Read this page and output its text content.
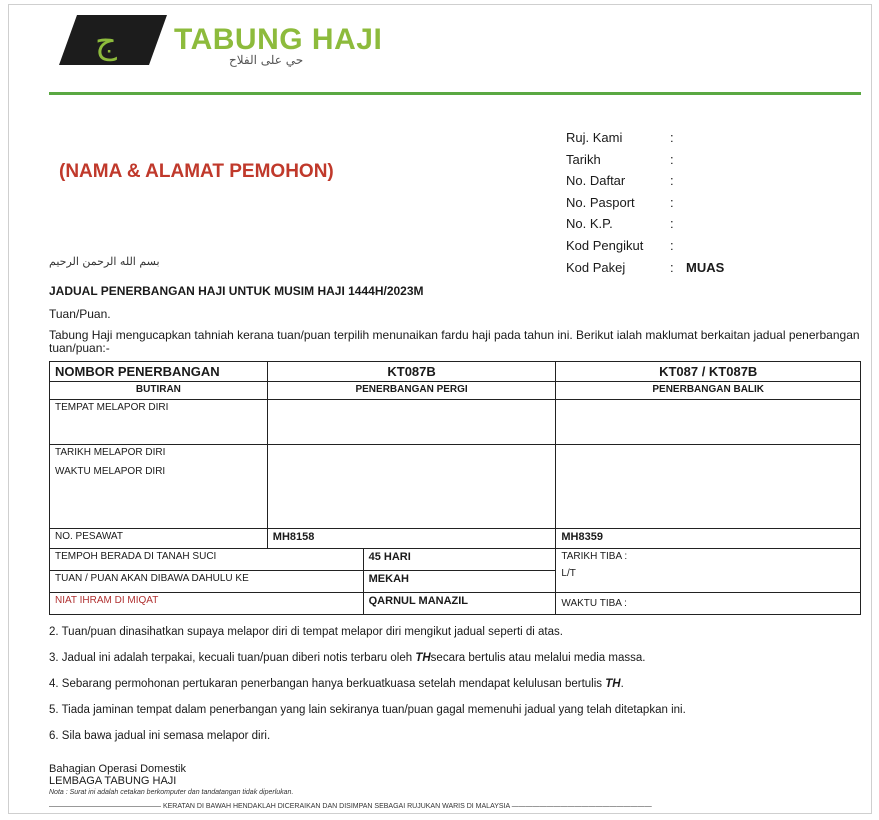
ج TABUNG HAJI
حي على الفلاح
(NAMA & ALAMAT PEMOHON)
Ruj. Kami	:
Tarikh	:
No. Daftar	:
No. Pasport	:
No. K.P.	:
Kod Pengikut	:
Kod Pakej	: MUAS
بسم الله الرحمن الرحيم
JADUAL PENERBANGAN HAJI UNTUK MUSIM HAJI 1444H/2023M
Tuan/Puan.
Tabung Haji mengucapkan tahniah kerana tuan/puan terpilih menunaikan fardu haji pada tahun ini. Berikut ialah maklumat berkaitan jadual penerbangan tuan/puan:-
NOMBOR PENERBANGAN	KT087B		KT087 / KT087B
BUTIRAN	PENERBANGAN PERGI		PENERBANGAN BALIK
TEMPAT MELAPOR DIRI			

TARIKH MELAPOR DIRI
WAKTU MELAPOR DIRI			

NO. PESAWAT	MH8158		MH8359
TEMPOH BERADA DI TANAH SUCI		45 HARI	TARIKH TIBA :
L/T

TUAN / PUAN AKAN DIBAWA DAHULU KE		MEKAH	
NIAT IHRAM DI MIQAT		QARNUL MANAZIL	WAKTU TIBA :
2. Tuan/puan dinasihatkan supaya melapor diri di tempat melapor diri mengikut jadual seperti di atas.
3. Jadual ini adalah terpakai, kecuali tuan/puan diberi notis terbaru oleh THsecara bertulis atau melalui media massa.
4. Sebarang permohonan pertukaran penerbangan hanya berkuatkuasa setelah mendapat kelulusan bertulis TH.
5. Tiada jaminan tempat dalam penerbangan yang lain sekiranya tuan/puan gagal memenuhi jadual yang telah ditetapkan ini.
6. Sila bawa jadual ini semasa melapor diri.
Bahagian Operasi Domestik
LEMBAGA TABUNG HAJI
Nota : Surat ini adalah cetakan berkomputer dan tandatangan tidak diperlukan.
———————————————— KERATAN DI BAWAH HENDAKLAH DICERAIKAN DAN DISIMPAN SEBAGAI RUJUKAN WARIS DI MALAYSIA ————————————————————
